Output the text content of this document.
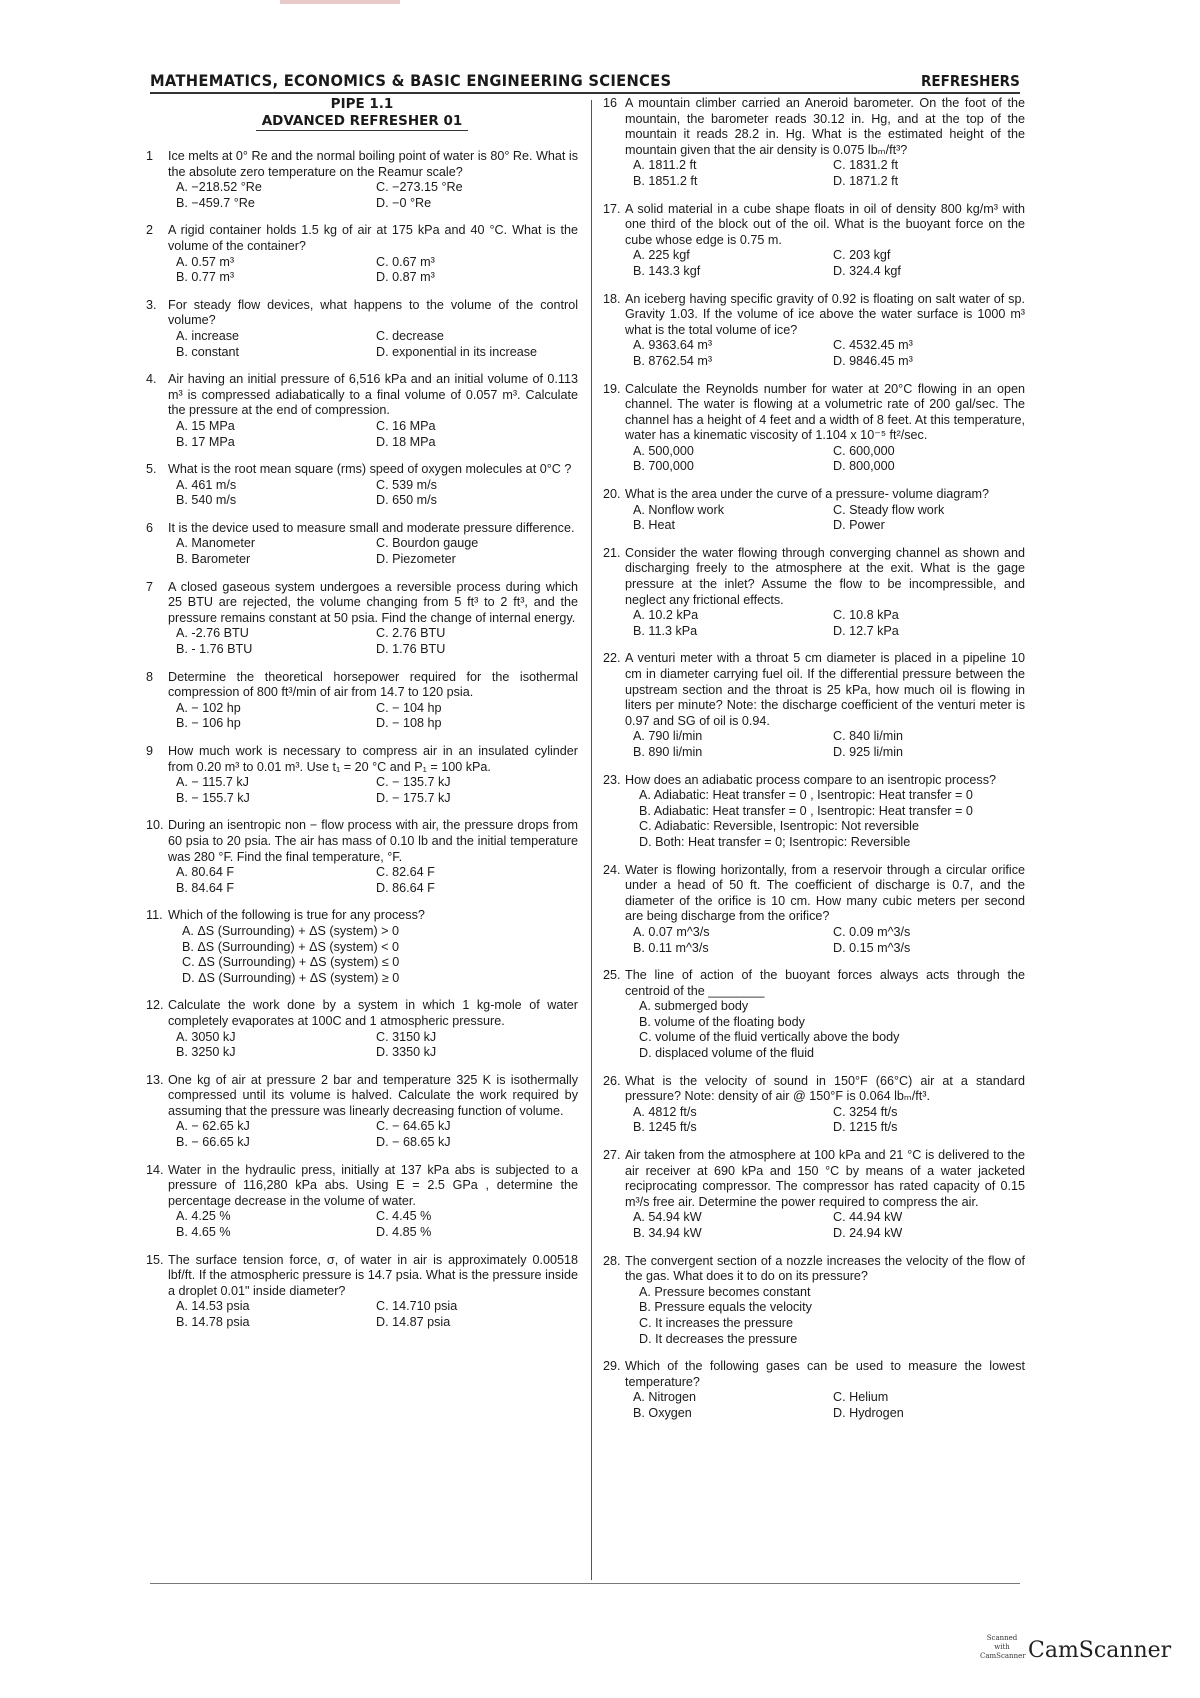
MATHEMATICS, ECONOMICS & BASIC ENGINEERING SCIENCES	REFRESHERS
PIPE 1.1
ADVANCED REFRESHER 01
1 Ice melts at 0° Re and the normal boiling point of water is 80° Re. What is the absolute zero temperature on the Reamur scale?
A. −218.52 °Re	C. −273.15 °Re
B. −459.7 °Re	D. −0 °Re
2 A rigid container holds 1.5 kg of air at 175 kPa and 40 °C. What is the volume of the container?
A. 0.57 m³	C. 0.67 m³
B. 0.77 m³	D. 0.87 m³
3. For steady flow devices, what happens to the volume of the control volume?
A. increase	C. decrease
B. constant	D. exponential in its increase
4. Air having an initial pressure of 6,516 kPa and an initial volume of 0.113 m³ is compressed adiabatically to a final volume of 0.057 m³. Calculate the pressure at the end of compression.
A. 15 MPa	C. 16 MPa
B. 17 MPa	D. 18 MPa
5. What is the root mean square (rms) speed of oxygen molecules at 0°C ?
A. 461 m/s	C. 539 m/s
B. 540 m/s	D. 650 m/s
6 It is the device used to measure small and moderate pressure difference.
A. Manometer	C. Bourdon gauge
B. Barometer	D. Piezometer
7 A closed gaseous system undergoes a reversible process during which 25 BTU are rejected, the volume changing from 5 ft³ to 2 ft³, and the pressure remains constant at 50 psia. Find the change of internal energy.
A. -2.76 BTU	C. 2.76 BTU
B. - 1.76 BTU	D. 1.76 BTU
8 Determine the theoretical horsepower required for the isothermal compression of 800 ft³/min of air from 14.7 to 120 psia.
A. − 102 hp	C. − 104 hp
B. − 106 hp	D. − 108 hp
9 How much work is necessary to compress air in an insulated cylinder from 0.20 m³ to 0.01 m³. Use t₁ = 20 °C and P₁ = 100 kPa.
A. − 115.7 kJ	C. − 135.7 kJ
B. − 155.7 kJ	D. − 175.7 kJ
10. During an isentropic non − flow process with air, the pressure drops from 60 psia to 20 psia. The air has mass of 0.10 lb and the initial temperature was 280 °F. Find the final temperature, °F.
A. 80.64 F	C. 82.64 F
B. 84.64 F	D. 86.64 F
11. Which of the following is true for any process?
A. ΔS (Surrounding) + ΔS (system) > 0
B. ΔS (Surrounding) + ΔS (system) < 0
C. ΔS (Surrounding) + ΔS (system) ≤ 0
D. ΔS (Surrounding) + ΔS (system) ≥ 0
12. Calculate the work done by a system in which 1 kg-mole of water completely evaporates at 100C and 1 atmospheric pressure.
A. 3050 kJ	C. 3150 kJ
B. 3250 kJ	D. 3350 kJ
13. One kg of air at pressure 2 bar and temperature 325 K is isothermally compressed until its volume is halved. Calculate the work required by assuming that the pressure was linearly decreasing function of volume.
A. − 62.65 kJ	C. − 64.65 kJ
B. − 66.65 kJ	D. − 68.65 kJ
14. Water in the hydraulic press, initially at 137 kPa abs is subjected to a pressure of 116,280 kPa abs. Using E = 2.5 GPa , determine the percentage decrease in the volume of water.
A. 4.25 %	C. 4.45 %
B. 4.65 %	D. 4.85 %
15. The surface tension force, σ, of water in air is approximately 0.00518 lbf/ft. If the atmospheric pressure is 14.7 psia. What is the pressure inside a droplet 0.01" inside diameter?
A. 14.53 psia	C. 14.710 psia
B. 14.78 psia	D. 14.87 psia
16 A mountain climber carried an Aneroid barometer. On the foot of the mountain, the barometer reads 30.12 in. Hg, and at the top of the mountain it reads 28.2 in. Hg. What is the estimated height of the mountain given that the air density is 0.075 lbₘ/ft³?
A. 1811.2 ft	C. 1831.2 ft
B. 1851.2 ft	D. 1871.2 ft
17. A solid material in a cube shape floats in oil of density 800 kg/m³ with one third of the block out of the oil. What is the buoyant force on the cube whose edge is 0.75 m.
A. 225 kgf	C. 203 kgf
B. 143.3 kgf	D. 324.4 kgf
18. An iceberg having specific gravity of 0.92 is floating on salt water of sp. Gravity 1.03. If the volume of ice above the water surface is 1000 m³ what is the total volume of ice?
A. 9363.64 m³	C. 4532.45 m³
B. 8762.54 m³	D. 9846.45 m³
19. Calculate the Reynolds number for water at 20°C flowing in an open channel. The water is flowing at a volumetric rate of 200 gal/sec. The channel has a height of 4 feet and a width of 8 feet. At this temperature, water has a kinematic viscosity of 1.104 x 10⁻⁵ ft²/sec.
A. 500,000	C. 600,000
B. 700,000	D. 800,000
20. What is the area under the curve of a pressure- volume diagram?
A. Nonflow work	C. Steady flow work
B. Heat	D. Power
21. Consider the water flowing through converging channel as shown and discharging freely to the atmosphere at the exit. What is the gage pressure at the inlet? Assume the flow to be incompressible, and neglect any frictional effects.
A. 10.2 kPa	C. 10.8 kPa
B. 11.3 kPa	D. 12.7 kPa
22. A venturi meter with a throat 5 cm diameter is placed in a pipeline 10 cm in diameter carrying fuel oil. If the differential pressure between the upstream section and the throat is 25 kPa, how much oil is flowing in liters per minute? Note: the discharge coefficient of the venturi meter is 0.97 and SG of oil is 0.94.
A. 790 li/min	C. 840 li/min
B. 890 li/min	D. 925 li/min
23. How does an adiabatic process compare to an isentropic process?
A. Adiabatic: Heat transfer = 0 , Isentropic: Heat transfer = 0
B. Adiabatic: Heat transfer = 0 , Isentropic: Heat transfer = 0
C. Adiabatic: Reversible, Isentropic: Not reversible
D. Both: Heat transfer = 0; Isentropic: Reversible
24. Water is flowing horizontally, from a reservoir through a circular orifice under a head of 50 ft. The coefficient of discharge is 0.7, and the diameter of the orifice is 10 cm. How many cubic meters per second are being discharge from the orifice?
A. 0.07 m^3/s	C. 0.09 m^3/s
B. 0.11 m^3/s	D. 0.15 m^3/s
25. The line of action of the buoyant forces always acts through the centroid of the ________
A. submerged body
B. volume of the floating body
C. volume of the fluid vertically above the body
D. displaced volume of the fluid
26. What is the velocity of sound in 150°F (66°C) air at a standard pressure? Note: density of air @ 150°F is 0.064 lbₘ/ft³.
A. 4812 ft/s	C. 3254 ft/s
B. 1245 ft/s	D. 1215 ft/s
27. Air taken from the atmosphere at 100 kPa and 21 °C is delivered to the air receiver at 690 kPa and 150 °C by means of a water jacketed reciprocating compressor. The compressor has rated capacity of 0.15 m³/s free air. Determine the power required to compress the air.
A. 54.94 kW	C. 44.94 kW
B. 34.94 kW	D. 24.94 kW
28. The convergent section of a nozzle increases the velocity of the flow of the gas. What does it to do on its pressure?
A. Pressure becomes constant
B. Pressure equals the velocity
C. It increases the pressure
D. It decreases the pressure
29. Which of the following gases can be used to measure the lowest temperature?
A. Nitrogen	C. Helium
B. Oxygen	D. Hydrogen
Scanned with
CamScanner CamScanner
